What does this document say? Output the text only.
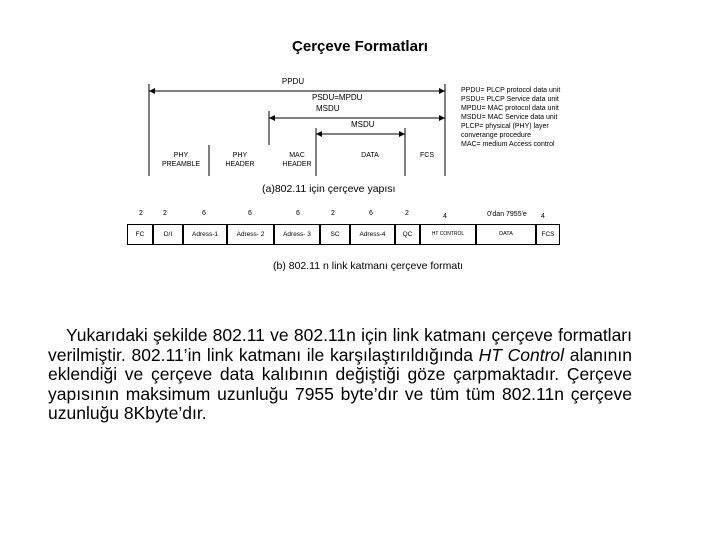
Çerçeve Formatları
PPDU
PSDU=MPDU
MSDU
MSDU
PHY PREAMBLE
PHY HEADER
MAC HEADER
DATA	FCS
PPDU= PLCP protocol data unit
PSDU= PLCP Service data unit
MPDU= MAC protocol data unit
MSDU= MAC Service data unit
PLCP= physical (PHY) layer
converange procedure
MAC= medium Access control
(a)802.11 için çerçeve yapısı
2	2	6	6	6	2	6	2	4	0'dan 7955'e	4
FC	D/I	Adress-1	Adress- 2	Adress- 3	SC	Adress-4	QC	HT CONTROL	DATA	FCS
(b) 802.11 n link katmanı çerçeve formatı
Yukarıdaki şekilde 802.11 ve 802.11n için link katmanı çerçeve formatları verilmiştir. 802.11’in link katmanı ile karşılaştırıldığında HT Control alanının eklendiği ve çerçeve data kalıbının değiştiği göze çarpmaktadır. Çerçeve yapısının maksimum uzunluğu 7955 byte’dır ve tüm tüm 802.11n çerçeve uzunluğu 8Kbyte’dır.
